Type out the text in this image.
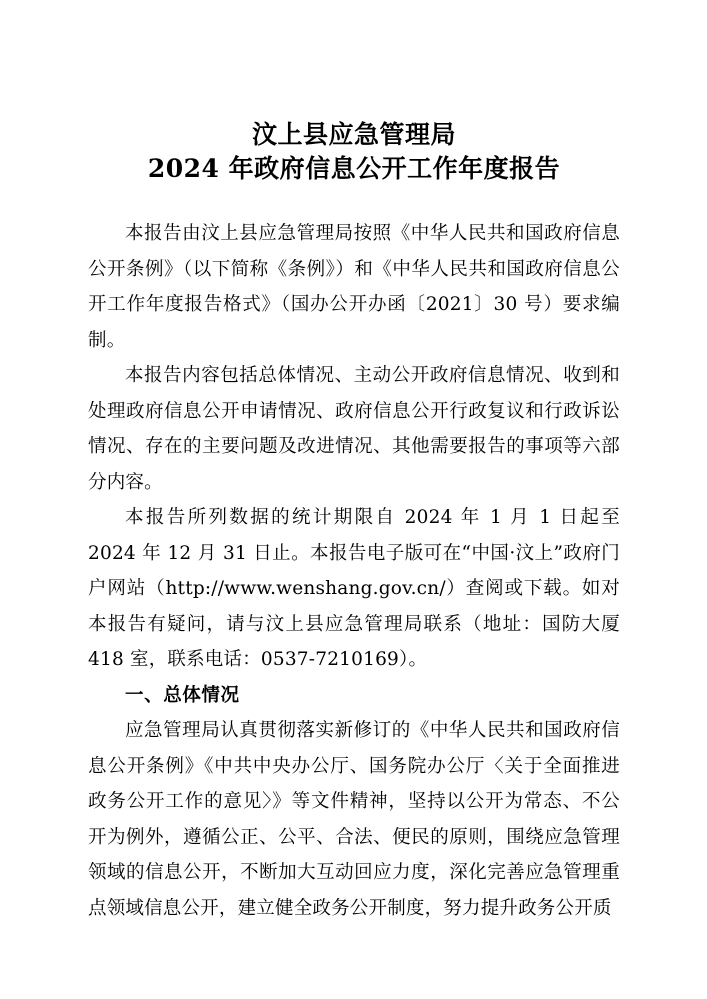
汶上县应急管理局
2024 年政府信息公开工作年度报告

本报告由汶上县应急管理局按照《中华人民共和国政府信息公开条例》（以下简称《条例》）和《中华人民共和国政府信息公开工作年度报告格式》（国办公开办函〔2021〕30 号）要求编制。

本报告内容包括总体情况、主动公开政府信息情况、收到和处理政府信息公开申请情况、政府信息公开行政复议和行政诉讼情况、存在的主要问题及改进情况、其他需要报告的事项等六部分内容。

本报告所列数据的统计期限自 2024 年 1 月 1 日起至 2024 年 12 月 31 日止。本报告电子版可在“中国·汶上”政府门户网站（http://www.wenshang.gov.cn/）查阅或下载。如对本报告有疑问，请与汶上县应急管理局联系（地址：国防大厦 418 室，联系电话：0537-7210169）。

一、总体情况

应急管理局认真贯彻落实新修订的《中华人民共和国政府信息公开条例》《中共中央办公厅、国务院办公厅〈关于全面推进政务公开工作的意见〉》等文件精神，坚持以公开为常态、不公开为例外，遵循公正、公平、合法、便民的原则，围绕应急管理领域的信息公开，不断加大互动回应力度，深化完善应急管理重点领域信息公开，建立健全政务公开制度，努力提升政务公开质
